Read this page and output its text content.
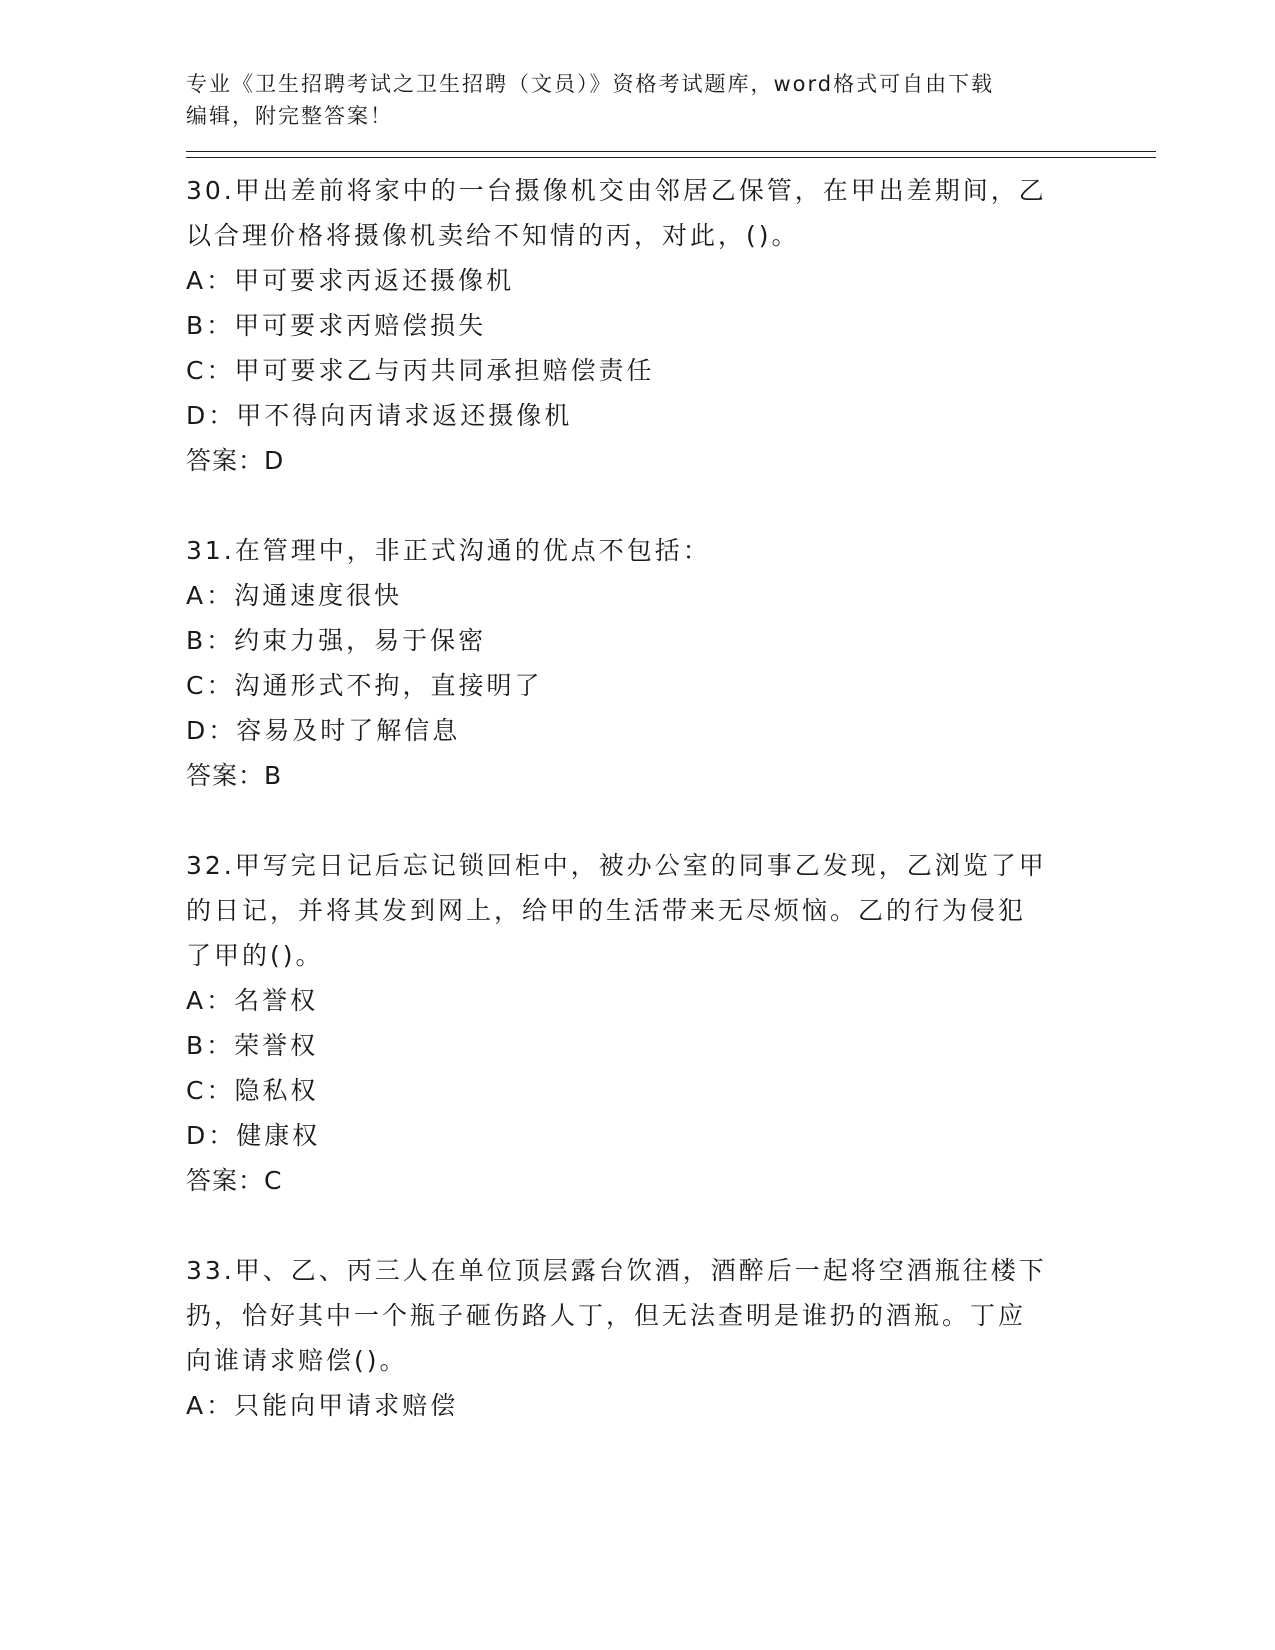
专业《卫生招聘考试之卫生招聘（文员）》资格考试题库，word格式可自由下载
编辑，附完整答案！
30.甲出差前将家中的一台摄像机交由邻居乙保管，在甲出差期间，乙
以合理价格将摄像机卖给不知情的丙，对此，()。
A：甲可要求丙返还摄像机
B：甲可要求丙赔偿损失
C：甲可要求乙与丙共同承担赔偿责任
D：甲不得向丙请求返还摄像机
答案：D
31.在管理中，非正式沟通的优点不包括：
A：沟通速度很快
B：约束力强，易于保密
C：沟通形式不拘，直接明了
D：容易及时了解信息
答案：B
32.甲写完日记后忘记锁回柜中，被办公室的同事乙发现，乙浏览了甲
的日记，并将其发到网上，给甲的生活带来无尽烦恼。乙的行为侵犯
了甲的()。
A：名誉权
B：荣誉权
C：隐私权
D：健康权
答案：C
33.甲、乙、丙三人在单位顶层露台饮酒，酒醉后一起将空酒瓶往楼下
扔，恰好其中一个瓶子砸伤路人丁，但无法查明是谁扔的酒瓶。丁应
向谁请求赔偿()。
A：只能向甲请求赔偿
